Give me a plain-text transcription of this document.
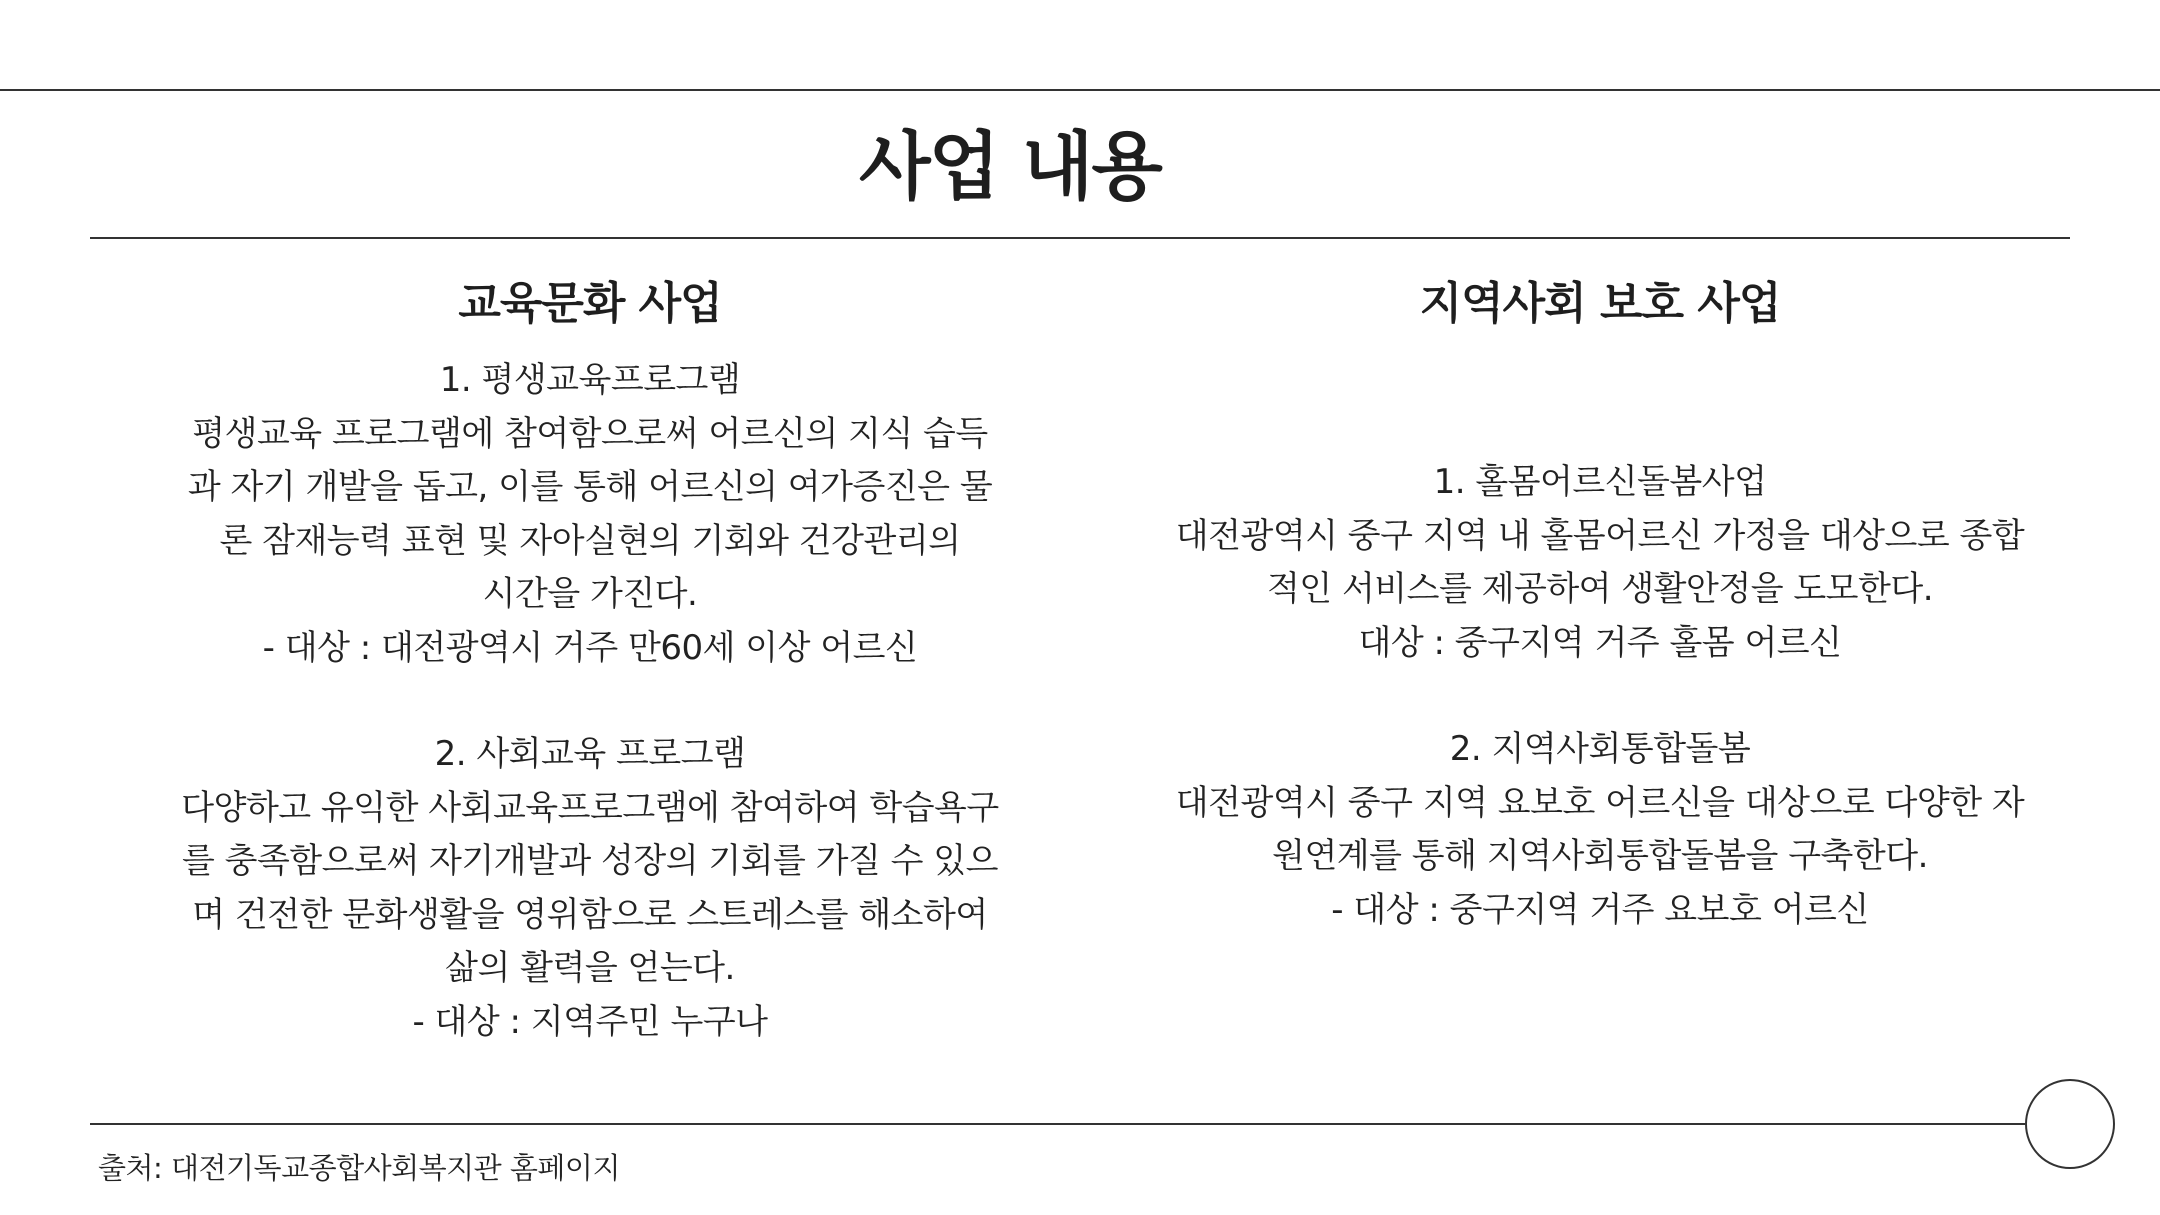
사업 내용
교육문화 사업
1. 평생교육프로그램
평생교육 프로그램에 참여함으로써 어르신의 지식 습득
과 자기 개발을 돕고, 이를 통해 어르신의 여가증진은 물
론 잠재능력 표현 및 자아실현의 기회와 건강관리의
시간을 가진다.
- 대상 : 대전광역시 거주 만60세 이상 어르신
2. 사회교육 프로그램
다양하고 유익한 사회교육프로그램에 참여하여 학습욕구
를 충족함으로써 자기개발과 성장의 기회를 가질 수 있으
며 건전한 문화생활을 영위함으로 스트레스를 해소하여
삶의 활력을 얻는다.
- 대상 : 지역주민 누구나
지역사회 보호 사업
1. 홀몸어르신돌봄사업
대전광역시 중구 지역 내 홀몸어르신 가정을 대상으로 종합
적인 서비스를 제공하여 생활안정을 도모한다.
대상 : 중구지역 거주 홀몸 어르신
2. 지역사회통합돌봄
대전광역시 중구 지역 요보호 어르신을 대상으로 다양한 자
원연계를 통해 지역사회통합돌봄을 구축한다.
- 대상 : 중구지역 거주 요보호 어르신
출처: 대전기독교종합사회복지관 홈페이지
